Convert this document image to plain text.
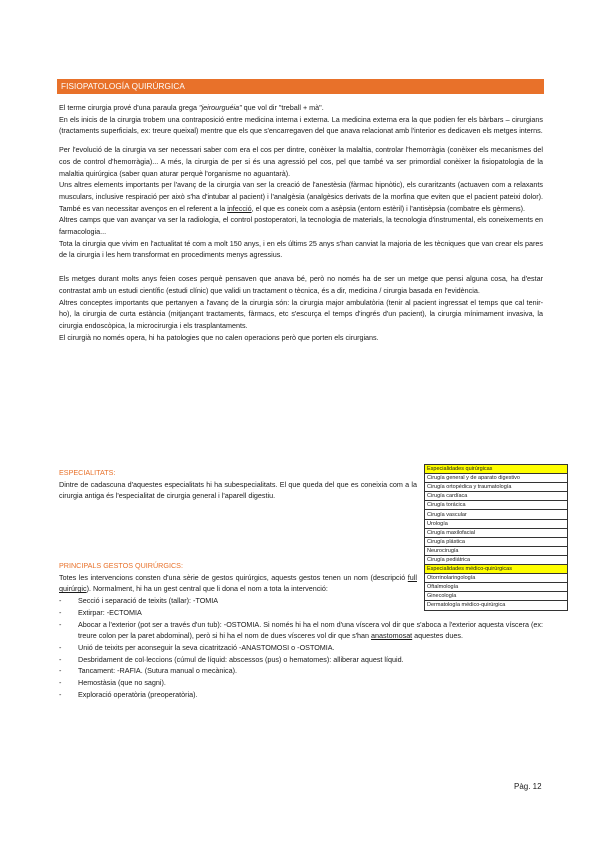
FISIOPATOLOGÍA QUIRÚRGICA

El terme cirurgia prové d'una paraula grega "jeirourguéia" que vol dir "treball + mà".

En els inicis de la cirurgia trobem una contraposició entre medicina interna i externa. La medicina externa era la que podien fer els bàrbars – cirurgians (tractaments superficials, ex: treure queixal) mentre que els que s'encarregaven del que anava relacionat amb l'interior es dedicaven els metges interns.

Per l'evolució de la cirurgia va ser necessari saber com era el cos per dintre, conèixer la malaltia, controlar l'hemorràgia (conèixer els mecanismes del cos de control d'hemorràgia)... A més, la cirurgia de per si és una agressió pel cos, pel que també va ser primordial conèixer la fisiopatologia de la malaltia quirúrgica (saber quan aturar perquè l'organisme no aguantarà).

Uns altres elements importants per l'avanç de la cirurgia van ser la creació de l'anestèsia (fàrmac hipnòtic), els curaritzants (actuaven com a relaxants musculars, inclusive respiració per això s'ha d'intubar al pacient) i l'analgèsia (analgèsics derivats de la morfina que eviten que el pacient pateixi dolor). També es van necessitar avenços en el referent a la infecció, el que es coneix com a asèpsia (entorn estèril) i l'antisèpsia (combatre els gèrmens).

Altres camps que van avançar va ser la radiologia, el control postoperatori, la tecnologia de materials, la tecnologia d'instrumental, els coneixements en farmacologia...

Tota la cirurgia que vivim en l'actualitat té com a molt 150 anys, i en els últims 25 anys s'han canviat la majoria de les tècniques que van crear els pares de la cirurgia i les hem transformat en procediments menys agressius.

Els metges durant molts anys feien coses perquè pensaven que anava bé, però no només ha de ser un metge que pensi alguna cosa, ha d'estar contrastat amb un estudi científic (estudi clínic) que validi un tractament o tècnica, és a dir, medicina / cirurgia basada en l'evidència.

Altres conceptes importants que pertanyen a l'avanç de la cirurgia són: la cirurgia major ambulatòria (tenir al pacient ingressat el temps que cal tenir-ho), la cirurgia de curta estància (mitjançant tractaments, fàrmacs, etc s'escurça el temps d'ingrés d'un pacient), la cirurgia mínimament invasiva, la cirurgia endoscòpica, la microcirurgia i els trasplantaments.

El cirurgià no només opera, hi ha patologies que no calen operacions però que porten els cirurgians.

ESPECIALITATS:

Dintre de cadascuna d'aquestes especialitats hi ha subespecialitats. El que queda del que es coneixia com a la cirurgia antiga és l'especialitat de cirurgia general i l'aparell digestiu.

Especialidades quirúrgicas
Cirugía general y de aparato digestivo
Cirugía ortopédica y traumatología
Cirugía cardíaca
Cirugía torácica
Cirugía vascular
Urología
Cirugía maxilofacial
Cirugía plástica
Neurocirugía
Cirugía pediátrica
Especialidades médico-quirúrgicas
Otorrinolaringología
Oftalmología
Ginecología
Dermatología médico-quirúrgica

PRINCIPALS GESTOS QUIRÚRGICS:

Totes les intervencions consten d'una sèrie de gestos quirúrgics, aquests gestos tenen un nom (descripció full quirúrgic). Normalment, hi ha un gest central que li dona el nom a tota la intervenció:

- Secció i separació de teixits (tallar): -TOMIA
- Extirpar: -ECTOMIA
- Abocar a l'exterior (pot ser a través d'un tub): -OSTOMIA. Si només hi ha el nom d'una víscera vol dir que s'aboca a l'exterior aquesta víscera (ex: treure colon per la paret abdominal), però si hi ha el nom de dues vísceres vol dir que s'han anastomosat aquestes dues.
- Unió de teixits per aconseguir la seva cicatrització -ANASTOMOSI o -OSTOMIA.
- Desbridament de col·leccions (cúmul de líquid: abscessos (pus) o hematomes): alliberar aquest líquid.
- Tancament: -RAFIA. (Sutura manual o mecànica).
- Hemostàsia (que no sagni).
- Exploració operatòria (preoperatòria).
Pàg. 12
